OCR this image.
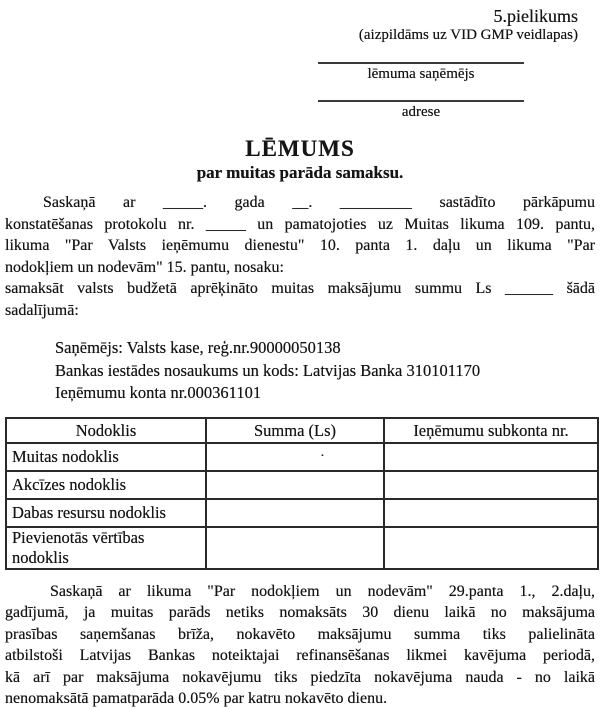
5.pielikums
(aizpildāms uz VID GMP veidlapas)
lēmuma saņēmējs
adrese
LĒMUMS
par muitas parāda samaksu.
Saskaņā ar _____. gada __. _________ sastādīto pārkāpumu
konstatēšanas protokolu nr. _____ un pamatojoties uz Muitas likuma 109. pantu,
likuma "Par Valsts ieņēmumu dienestu" 10. panta 1. daļu un likuma "Par
nodokļiem un nodevām" 15. pantu, nosaku:
samaksāt valsts budžetā aprēķināto muitas maksājumu summu Ls ______ šādā
sadalījumā:
Saņēmējs: Valsts kase, reģ.nr.90000050138
Bankas iestādes nosaukums un kods: Latvijas Banka 310101170
Ieņēmumu konta nr.000361101
Nodoklis	Summa (Ls)	Ieņēmumu subkonta nr.
Muitas nodoklis	·	
Akcīzes nodoklis		
Dabas resursu nodoklis		
Pievienotās vērtības nodoklis		
Saskaņā ar likuma "Par nodokļiem un nodevām" 29.panta 1., 2.daļu,
gadījumā, ja muitas parāds netiks nomaksāts 30 dienu laikā no maksājuma
prasības saņemšanas brīža, nokavēto maksājumu summa tiks palielināta
atbilstoši Latvijas Bankas noteiktajai refinansēšanas likmei kavējuma periodā,
kā arī par maksājuma nokavējumu tiks piedzīta nokavējuma nauda - no laikā
nenomaksātā pamatparāda 0.05% par katru nokavēto dienu.
